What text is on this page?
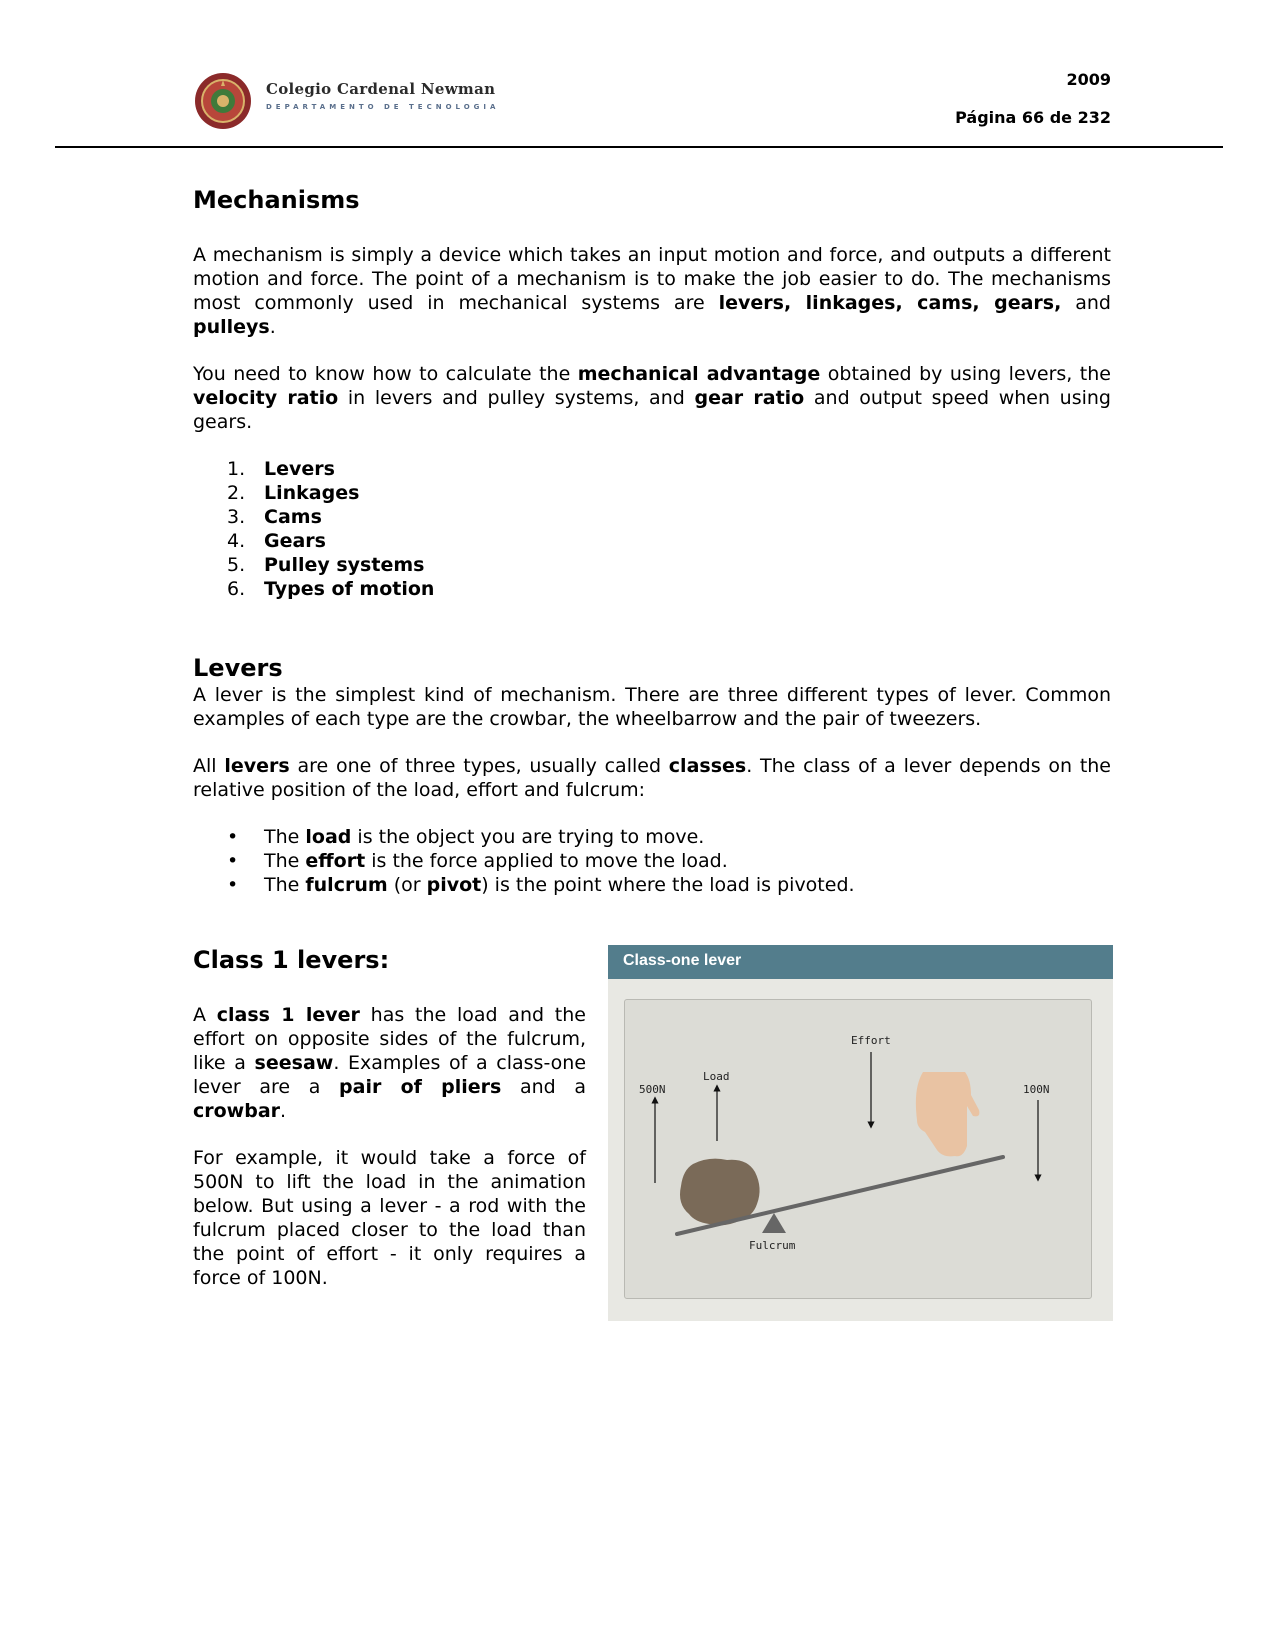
Colegio Cardenal Newman
DEPARTAMENTO DE TECNOLOGIA
2009
Página 66 de 232
Mechanisms

A mechanism is simply a device which takes an input motion and force, and outputs a different motion and force. The point of a mechanism is to make the job easier to do. The mechanisms most commonly used in mechanical systems are levers, linkages, cams, gears, and pulleys.

You need to know how to calculate the mechanical advantage obtained by using levers, the velocity ratio in levers and pulley systems, and gear ratio and output speed when using gears.

1. Levers
2. Linkages
3. Cams
4. Gears
5. Pulley systems
6. Types of motion
Levers

A lever is the simplest kind of mechanism. There are three different types of lever. Common examples of each type are the crowbar, the wheelbarrow and the pair of tweezers.

All levers are one of three types, usually called classes. The class of a lever depends on the relative position of the load, effort and fulcrum:

• The load is the object you are trying to move.
• The effort is the force applied to move the load.
• The fulcrum (or pivot) is the point where the load is pivoted.
Class 1 levers:

A class 1 lever has the load and the effort on opposite sides of the fulcrum, like a seesaw. Examples of a class-one lever are a pair of pliers and a crowbar.

For example, it would take a force of 500N to lift the load in the animation below. But using a lever - a rod with the fulcrum placed closer to the load than the point of effort - it only requires a force of 100N.

Class-one lever
500N
Load
Effort
100N
Fulcrum
